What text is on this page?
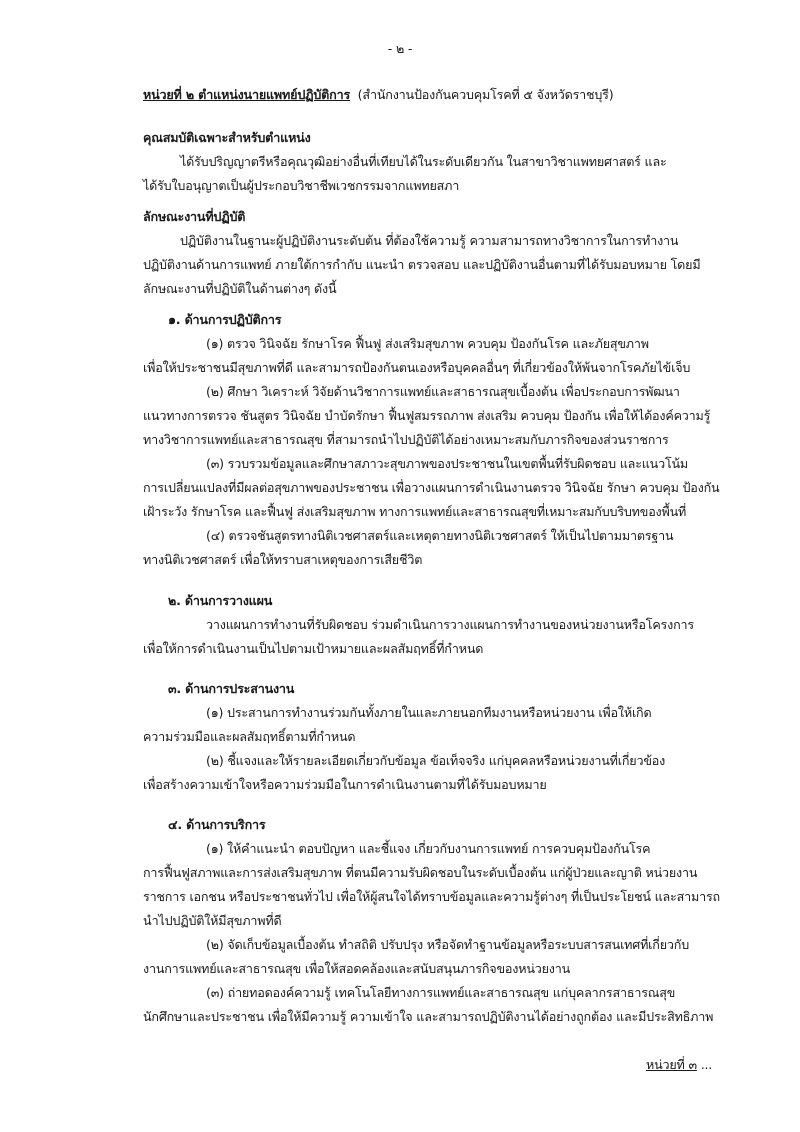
- ๒ -
หน่วยที่ ๒ ตำแหน่งนายแพทย์ปฏิบัติการ (สำนักงานป้องกันควบคุมโรคที่ ๕ จังหวัดราชบุรี)
คุณสมบัติเฉพาะสำหรับตำแหน่ง
ได้รับปริญญาตรีหรือคุณวุฒิอย่างอื่นที่เทียบได้ในระดับเดียวกัน ในสาขาวิชาแพทยศาสตร์ และ
ได้รับใบอนุญาตเป็นผู้ประกอบวิชาชีพเวชกรรมจากแพทยสภา
ลักษณะงานที่ปฏิบัติ
ปฏิบัติงานในฐานะผู้ปฏิบัติงานระดับต้น ที่ต้องใช้ความรู้ ความสามารถทางวิชาการในการทำงาน
ปฏิบัติงานด้านการแพทย์ ภายใต้การกำกับ แนะนำ ตรวจสอบ และปฏิบัติงานอื่นตามที่ได้รับมอบหมาย โดยมี
ลักษณะงานที่ปฏิบัติในด้านต่างๆ ดังนี้
๑. ด้านการปฏิบัติการ
(๑) ตรวจ วินิจฉัย รักษาโรค ฟื้นฟู ส่งเสริมสุขภาพ ควบคุม ป้องกันโรค และภัยสุขภาพ
เพื่อให้ประชาชนมีสุขภาพที่ดี และสามารถป้องกันตนเองหรือบุคคลอื่นๆ ที่เกี่ยวข้องให้พ้นจากโรคภัยไข้เจ็บ
(๒) ศึกษา วิเคราะห์ วิจัยด้านวิชาการแพทย์และสาธารณสุขเบื้องต้น เพื่อประกอบการพัฒนา
แนวทางการตรวจ ชันสูตร วินิจฉัย บำบัดรักษา ฟื้นฟูสมรรถภาพ ส่งเสริม ควบคุม ป้องกัน เพื่อให้ได้องค์ความรู้
ทางวิชาการแพทย์และสาธารณสุข ที่สามารถนำไปปฏิบัติได้อย่างเหมาะสมกับภารกิจของส่วนราชการ
(๓) รวบรวมข้อมูลและศึกษาสภาวะสุขภาพของประชาชนในเขตพื้นที่รับผิดชอบ และแนวโน้ม
การเปลี่ยนแปลงที่มีผลต่อสุขภาพของประชาชน เพื่อวางแผนการดำเนินงานตรวจ วินิจฉัย รักษา ควบคุม ป้องกัน
เฝ้าระวัง รักษาโรค และฟื้นฟู ส่งเสริมสุขภาพ ทางการแพทย์และสาธารณสุขที่เหมาะสมกับบริบทของพื้นที่
(๔) ตรวจชันสูตรทางนิติเวชศาสตร์และเหตุตายทางนิติเวชศาสตร์ ให้เป็นไปตามมาตรฐาน
ทางนิติเวชศาสตร์ เพื่อให้ทราบสาเหตุของการเสียชีวิต
๒. ด้านการวางแผน
วางแผนการทำงานที่รับผิดชอบ ร่วมดำเนินการวางแผนการทำงานของหน่วยงานหรือโครงการ
เพื่อให้การดำเนินงานเป็นไปตามเป้าหมายและผลสัมฤทธิ์ที่กำหนด
๓. ด้านการประสานงาน
(๑) ประสานการทำงานร่วมกันทั้งภายในและภายนอกทีมงานหรือหน่วยงาน เพื่อให้เกิด
ความร่วมมือและผลสัมฤทธิ์ตามที่กำหนด
(๒) ชี้แจงและให้รายละเอียดเกี่ยวกับข้อมูล ข้อเท็จจริง แก่บุคคลหรือหน่วยงานที่เกี่ยวข้อง
เพื่อสร้างความเข้าใจหรือความร่วมมือในการดำเนินงานตามที่ได้รับมอบหมาย
๔. ด้านการบริการ
(๑) ให้คำแนะนำ ตอบปัญหา และชี้แจง เกี่ยวกับงานการแพทย์ การควบคุมป้องกันโรค
การฟื้นฟูสภาพและการส่งเสริมสุขภาพ ที่ตนมีความรับผิดชอบในระดับเบื้องต้น แก่ผู้ป่วยและญาติ หน่วยงาน
ราชการ เอกชน หรือประชาชนทั่วไป เพื่อให้ผู้สนใจได้ทราบข้อมูลและความรู้ต่างๆ ที่เป็นประโยชน์ และสามารถ
นำไปปฏิบัติให้มีสุขภาพที่ดี
(๒) จัดเก็บข้อมูลเบื้องต้น ทำสถิติ ปรับปรุง หรือจัดทำฐานข้อมูลหรือระบบสารสนเทศที่เกี่ยวกับ
งานการแพทย์และสาธารณสุข เพื่อให้สอดคล้องและสนับสนุนภารกิจของหน่วยงาน
(๓) ถ่ายทอดองค์ความรู้ เทคโนโลยีทางการแพทย์และสาธารณสุข แก่บุคลากรสาธารณสุข
นักศึกษาและประชาชน เพื่อให้มีความรู้ ความเข้าใจ และสามารถปฏิบัติงานได้อย่างถูกต้อง และมีประสิทธิภาพ
หน่วยที่ ๓ ...
